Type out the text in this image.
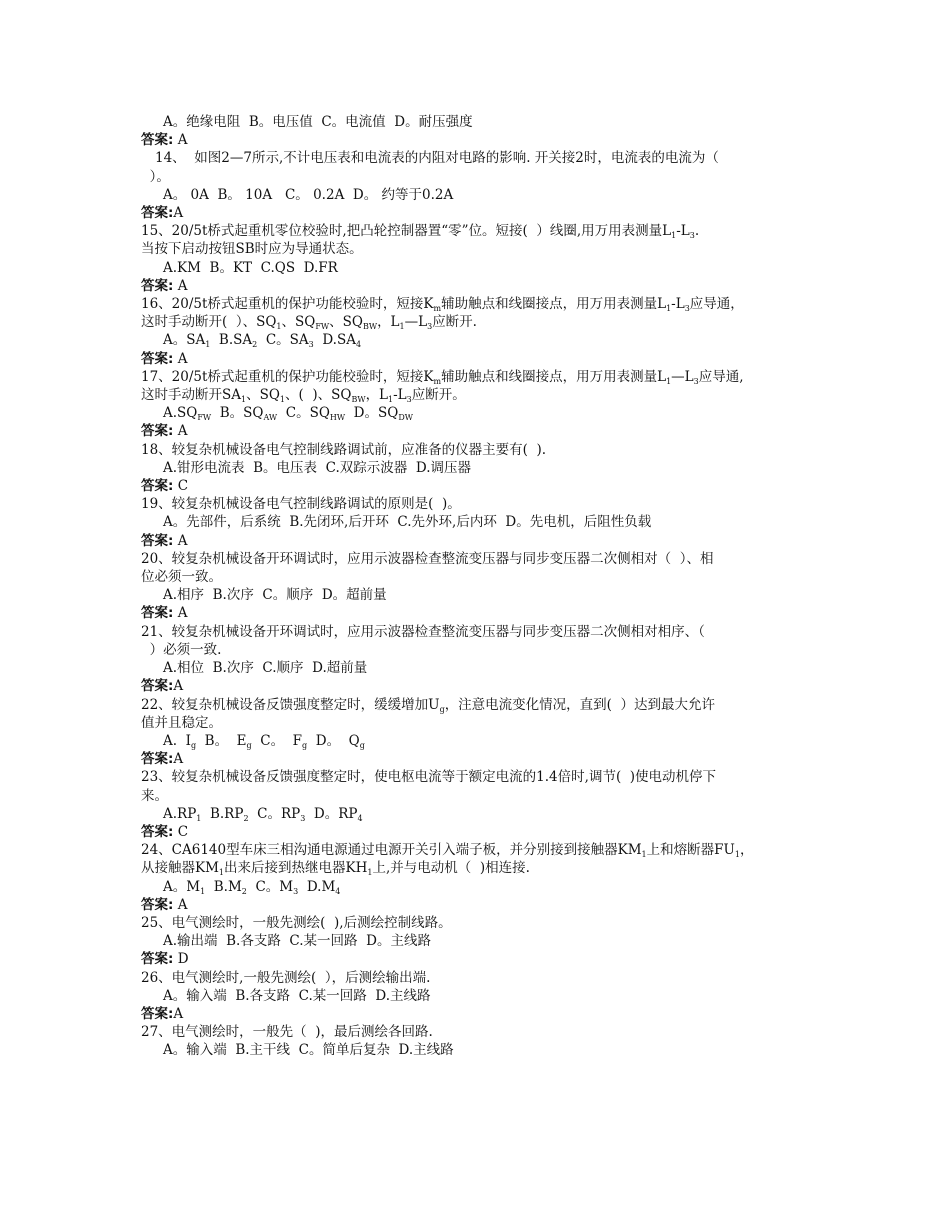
A。绝缘电阻  B。电压值  C。电流值  D。耐压强度
答案: A
14、  如图2—7所示,不计电压表和电流表的内阻对电路的影响. 开关接2时，电流表的电流为（
）。
A。 0A  B。 10A   C。 0.2A  D。 约等于0.2A
答案:A
15、20/5t桥式起重机零位校验时,把凸轮控制器置“零”位。短接(  ）线圈,用万用表测量$L_1-L_3$.
当按下启动按钮SB时应为导通状态。
A.KM  B。KT  C.QS  D.FR
答案: A
16、20/5t桥式起重机的保护功能校验时，短接$K_m$辅助触点和线圈接点，用万用表测量$L_1-L_3$应导通，
这时手动断开(  ）、$SQ_1$、$SQ_{FW}$、$SQ_{BW}$，$L_1—L_3$应断开.
A。$SA_1$  $B.SA_2$  C。$SA_3$  $D.SA_4$
答案: A
17、20/5t桥式起重机的保护功能校验时，短接$K_m$辅助触点和线圈接点，用万用表测量$L_1—L_3$应导通,
这时手动断开$SA_1$、$SQ_1$、(  )、$SQ_{BW}$，$L_1-L_3$应断开。
$A.SQ_{FW}$  B。$SQ_{AW}$  C。$SQ_{HW}$  D。$SQ_{DW}$
答案: A
18、较复杂机械设备电气控制线路调试前，应准备的仪器主要有(  ).
A.钳形电流表  B。电压表  C.双踪示波器  D.调压器
答案: C
19、较复杂机械设备电气控制线路调试的原则是(  )。
A。先部件，后系统  B.先闭环,后开环  C.先外环,后内环  D。先电机，后阻性负载
答案: A
20、较复杂机械设备开环调试时，应用示波器检查整流变压器与同步变压器二次侧相对（  ）、相
位必须一致。
A.相序  B.次序  C。顺序  D。超前量
答案: A
21、较复杂机械设备开环调试时，应用示波器检查整流变压器与同步变压器二次侧相对相序、（
）必须一致.
A.相位  B.次序  C.顺序  D.超前量
答案:A
22、较复杂机械设备反馈强度整定时，缓缓增加$U_g$，注意电流变化情况，直到(  ）达到最大允许
值并且稳定。
A.  $I_g$  B。  $E_g$  C。  $F_g$  D。  $Q_g$
答案:A
23、较复杂机械设备反馈强度整定时，使电枢电流等于额定电流的1.4倍时,调节(  )使电动机停下
来。
$A.RP_1$  $B.RP_2$  C。$RP_3$  D。$RP_4$
答案: C
24、CA6140型车床三相沟通电源通过电源开关引入端子板，并分别接到接触器$KM_1$上和熔断器$FU_1$，
从接触器$KM_1$出来后接到热继电器$KH_1$上,并与电动机（  )相连接.
A。$M_1$  $B.M_2$  C。$M_3$  $D.M_4$
答案: A
25、电气测绘时，一般先测绘(  ),后测绘控制线路。
A.输出端  B.各支路  C.某一回路  D。主线路
答案: D
26、电气测绘时,一般先测绘(  ），后测绘输出端.
A。输入端  B.各支路  C.某一回路  D.主线路
答案:A
27、电气测绘时，一般先（  )，最后测绘各回路.
A。输入端  B.主干线  C。简单后复杂  D.主线路
